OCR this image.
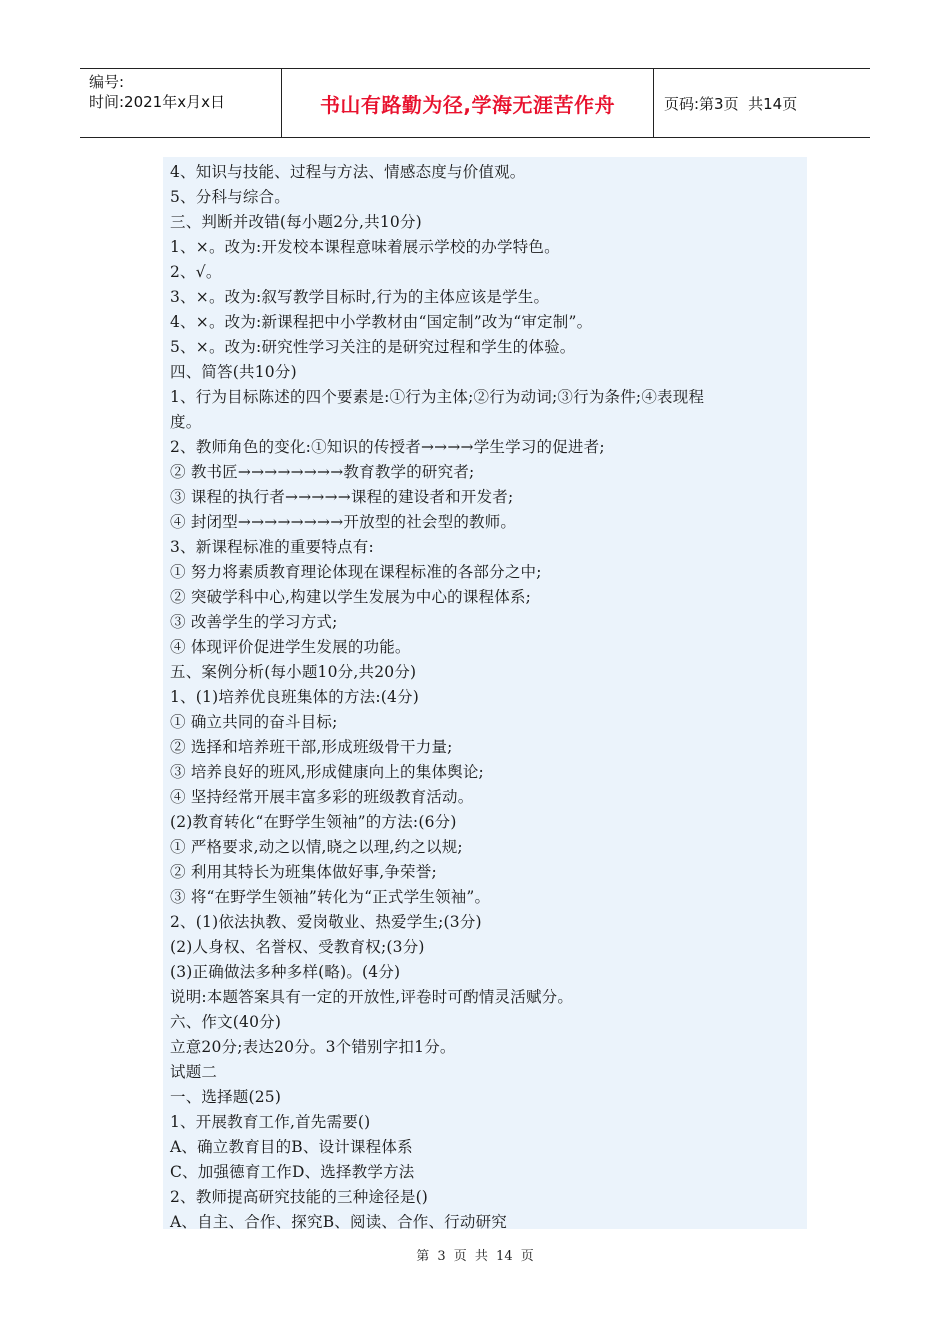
编号:
时间:2021年x月x日	书山有路勤为径,学海无涯苦作舟	页码:第3页  共14页
4、知识与技能、过程与方法、情感态度与价值观。
5、分科与综合。
三、判断并改错(每小题2分,共10分)
1、×。改为:开发校本课程意味着展示学校的办学特色。
2、√。
3、×。改为:叙写教学目标时,行为的主体应该是学生。
4、×。改为:新课程把中小学教材由“国定制”改为“审定制”。
5、×。改为:研究性学习关注的是研究过程和学生的体验。
四、简答(共10分)
1、行为目标陈述的四个要素是:①行为主体;②行为动词;③行为条件;④表现程
度。
2、教师角色的变化:①知识的传授者→→→→学生学习的促进者;
② 教书匠→→→→→→→→教育教学的研究者;
③ 课程的执行者→→→→→课程的建设者和开发者;
④ 封闭型→→→→→→→→开放型的社会型的教师。
3、新课程标准的重要特点有:
① 努力将素质教育理论体现在课程标准的各部分之中;
② 突破学科中心,构建以学生发展为中心的课程体系;
③ 改善学生的学习方式;
④ 体现评价促进学生发展的功能。
五、案例分析(每小题10分,共20分)
1、(1)培养优良班集体的方法:(4分)
① 确立共同的奋斗目标;
② 选择和培养班干部,形成班级骨干力量;
③ 培养良好的班风,形成健康向上的集体舆论;
④ 坚持经常开展丰富多彩的班级教育活动。
(2)教育转化“在野学生领袖”的方法:(6分)
① 严格要求,动之以情,晓之以理,约之以规;
② 利用其特长为班集体做好事,争荣誉;
③ 将“在野学生领袖”转化为“正式学生领袖”。
2、(1)依法执教、爱岗敬业、热爱学生;(3分)
(2)人身权、名誉权、受教育权;(3分)
(3)正确做法多种多样(略)。(4分)
说明:本题答案具有一定的开放性,评卷时可酌情灵活赋分。
六、作文(40分)
立意20分;表达20分。3个错别字扣1分。
试题二
一、选择题(25)
1、开展教育工作,首先需要()
A、确立教育目的B、设计课程体系
C、加强德育工作D、选择教学方法
2、教师提高研究技能的三种途径是()
A、自主、合作、探究B、阅读、合作、行动研究
第 3 页 共 14 页
